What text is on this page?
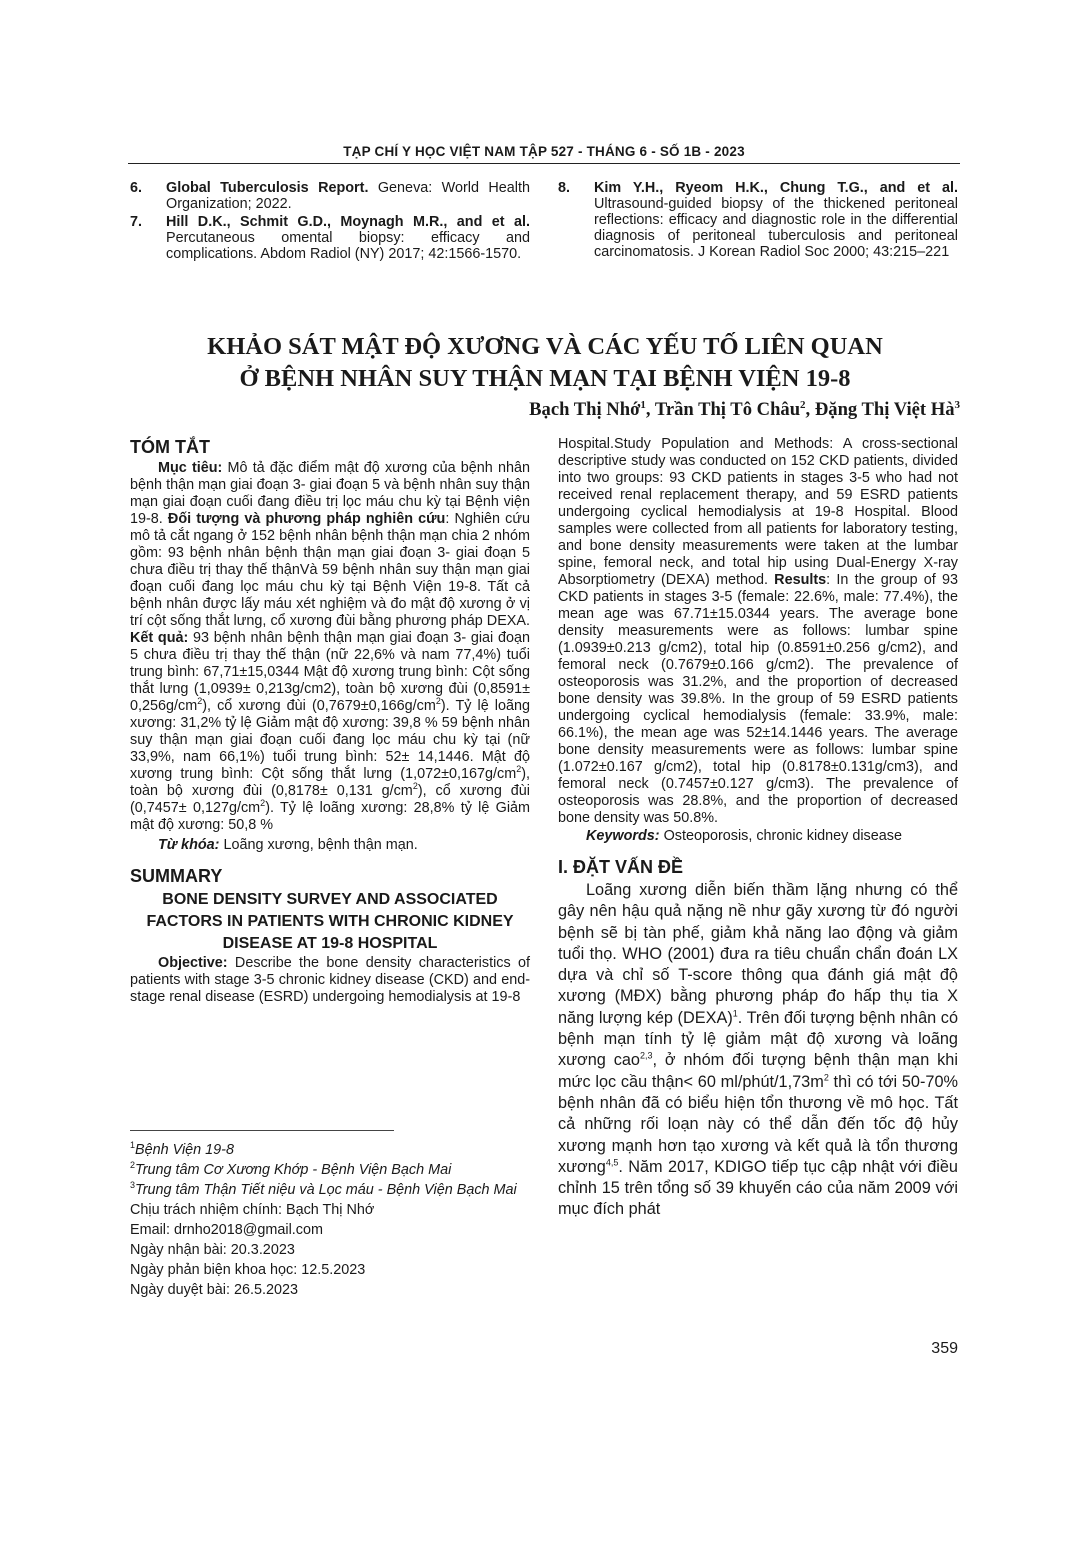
TẠP CHÍ Y HỌC VIỆT NAM TẬP 527 - THÁNG 6 - SỐ 1B - 2023
6. Global Tuberculosis Report. Geneva: World Health Organization; 2022.
7. Hill D.K., Schmit G.D., Moynagh M.R., and et al. Percutaneous omental biopsy: efficacy and complications. Abdom Radiol (NY) 2017; 42:1566-1570.
8. Kim Y.H., Ryeom H.K., Chung T.G., and et al. Ultrasound-guided biopsy of the thickened peritoneal reflections: efficacy and diagnostic role in the differential diagnosis of peritoneal tuberculosis and peritoneal carcinomatosis. J Korean Radiol Soc 2000; 43:215–221
KHẢO SÁT MẬT ĐỘ XƯƠNG VÀ CÁC YẾU TỐ LIÊN QUAN
Ở BỆNH NHÂN SUY THẬN MẠN TẠI BỆNH VIỆN 19-8
Bạch Thị Nhớ$^1$, Trần Thị Tô Châu$^2$, Đặng Thị Việt $Hà^3$
TÓM TẮT

Mục tiêu: Mô tả đặc điểm mật độ xương của bệnh nhân bệnh thận mạn giai đoạn 3- giai đoạn 5 và bệnh nhân suy thận mạn giai đoạn cuối đang điều trị lọc máu chu kỳ tại Bệnh viện 19-8. Đối tượng và phương pháp nghiên cứu: Nghiên cứu mô tả cắt ngang ở 152 bệnh nhân bệnh thận mạn chia 2 nhóm gồm: 93 bệnh nhân bệnh thận mạn giai đoạn 3- giai đoạn 5 chưa điều trị thay thế thậnVà 59 bệnh nhân suy thận mạn giai đoạn cuối đang lọc máu chu kỳ tại Bệnh Viện 19-8. Tất cả bệnh nhân được lấy máu xét nghiệm và đo mật độ xương ở vị trí cột sống thắt lưng, cổ xương đùi bằng phương pháp DEXA. Kết quả: 93 bệnh nhân bệnh thận mạn giai đoạn 3- giai đoạn 5 chưa điều trị thay thế thận (nữ 22,6% và nam 77,4%) tuổi trung bình: 67,71±15,0344 Mật độ xương trung bình: Cột sống thắt lưng (1,0939± 0,213g/cm2), toàn bộ xương đùi $(0,8591\pm 0,256g/cm^2)$, cổ xương đùi $(0,7679\pm 0,166g/cm^2)$. Tỷ lệ loãng xương: 31,2% tỷ lệ Giảm mật độ xương: 39,8 % 59 bệnh nhân suy thận mạn giai đoạn cuối đang lọc máu chu kỳ tại (nữ 33,9%, nam 66,1%) tuổi trung bình: 52± 14,1446. Mật độ xương trung bình: Cột sống thắt lưng $(1,072\pm 0,167g/cm^2)$, toàn bộ xương đùi (0,8178± 0,131 $g/cm^2$), cổ xương đùi $(0,7457\pm 0,127g/cm^2)$. Tỷ lệ loãng xương: 28,8% tỷ lệ Giảm mật độ xương: 50,8 %

Từ khóa: Loãng xương, bệnh thận mạn.
SUMMARY
BONE DENSITY SURVEY AND ASSOCIATED FACTORS IN PATIENTS WITH CHRONIC KIDNEY DISEASE AT 19-8 HOSPITAL

Objective: Describe the bone density characteristics of patients with stage 3-5 chronic kidney disease (CKD) and end-stage renal disease (ESRD) undergoing hemodialysis at 19-8

$^1$Bệnh Viện 19-8
$^2$Trung tâm Cơ Xương Khớp - Bệnh Viện Bạch Mai
$^3$Trung tâm Thận Tiết niệu và Lọc máu - Bệnh Viện Bạch Mai
Chịu trách nhiệm chính: Bạch Thị Nhớ
Email: drnho2018@gmail.com
Ngày nhận bài: 20.3.2023
Ngày phản biện khoa học: 12.5.2023
Ngày duyệt bài: 26.5.2023
Hospital.Study Population and Methods: A cross-sectional descriptive study was conducted on 152 CKD patients, divided into two groups: 93 CKD patients in stages 3-5 who had not received renal replacement therapy, and 59 ESRD patients undergoing cyclical hemodialysis at 19-8 Hospital. Blood samples were collected from all patients for laboratory testing, and bone density measurements were taken at the lumbar spine, femoral neck, and total hip using Dual-Energy X-ray Absorptiometry (DEXA) method. Results: In the group of 93 CKD patients in stages 3-5 (female: 22.6%, male: 77.4%), the mean age was 67.71±15.0344 years. The average bone density measurements were as follows: lumbar spine (1.0939±0.213 g/cm2), total hip (0.8591±0.256 g/cm2), and femoral neck (0.7679±0.166 g/cm2). The prevalence of osteoporosis was 31.2%, and the proportion of decreased bone density was 39.8%. In the group of 59 ESRD patients undergoing cyclical hemodialysis (female: 33.9%, male: 66.1%), the mean age was 52±14.1446 years. The average bone density measurements were as follows: lumbar spine (1.072±0.167 g/cm2), total hip (0.8178±0.131g/cm3), and femoral neck (0.7457±0.127 g/cm3). The prevalence of osteoporosis was 28.8%, and the proportion of decreased bone density was 50.8%.
Keywords: Osteoporosis, chronic kidney disease
I. ĐẶT VẤN ĐỀ

Loãng xương diễn biến thầm lặng nhưng có thể gây nên hậu quả nặng nề như gãy xương từ đó người bệnh sẽ bị tàn phế, giảm khả năng lao động và giảm tuổi thọ. WHO (2001) đưa ra tiêu chuẩn chẩn đoán LX dựa và chỉ số T-score thông qua đánh giá mật độ xương (MĐX) bằng phương pháp đo hấp thụ tia X năng lượng kép (DEXA)$^1$. Trên đối tượng bệnh nhân có bệnh mạn tính tỷ lệ giảm mật độ xương và loãng xương cao$^{2,3}$, ở nhóm đối tượng bệnh thận mạn khi mức lọc cầu thận< 60 $ml/phút/1,73m^2$ thì có tới 50-70% bệnh nhân đã có biểu hiện tổn thương về mô học. Tất cả những rối loạn này có thể dẫn đến tốc độ hủy xương mạnh hơn tạo xương và kết quả là tổn thương xương$^{4,5}$. Năm 2017, KDIGO tiếp tục cập nhật với điều chỉnh 15 trên tổng số 39 khuyến cáo của năm 2009 với mục đích phát

359
